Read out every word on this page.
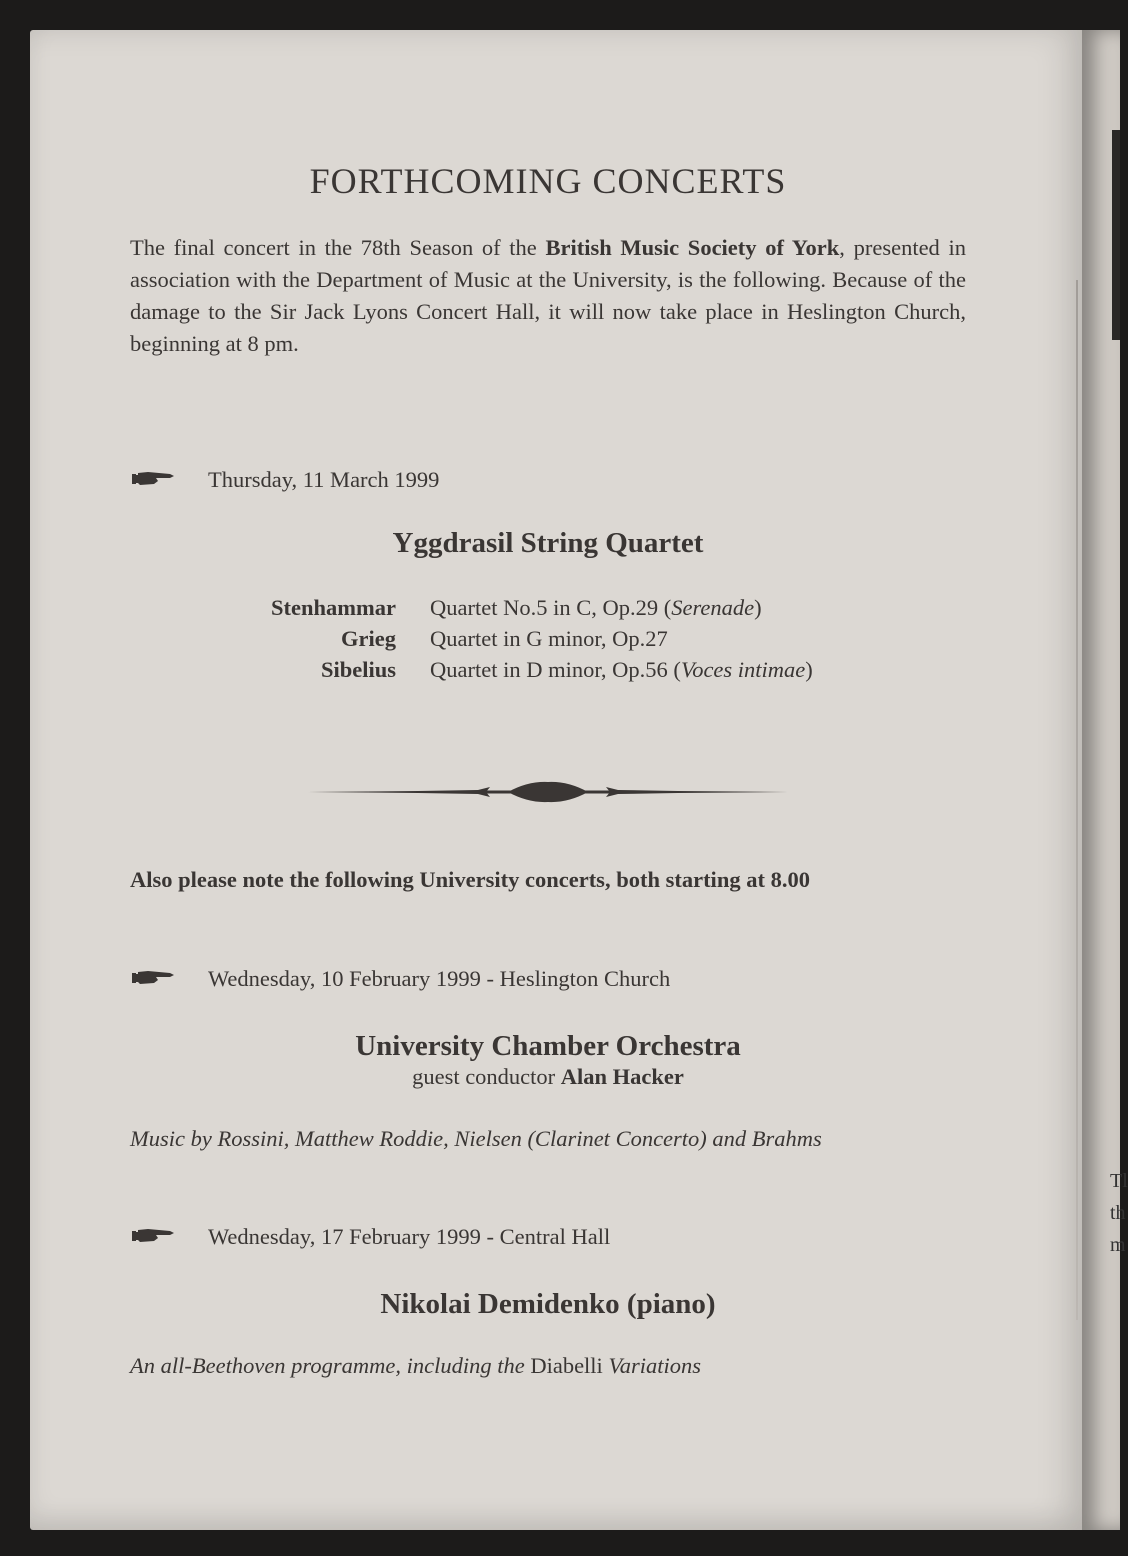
Tl
th
m
FORTHCOMING CONCERTS

The final concert in the 78th Season of the British Music Society of York, presented in association with the Department of Music at the University, is the following. Because of the damage to the Sir Jack Lyons Concert Hall, it will now take place in Heslington Church, beginning at 8 pm.

Thursday, 11 March 1999
Yggdrasil String Quartet
Stenhammar	Quartet No.5 in C, Op.29 (Serenade)
Grieg	Quartet in G minor, Op.27
Sibelius	Quartet in D minor, Op.56 (Voces intimae)
Also please note the following University concerts, both starting at 8.00
Wednesday, 10 February 1999 - Heslington Church
University Chamber Orchestra
guest conductor Alan Hacker
Music by Rossini, Matthew Roddie, Nielsen (Clarinet Concerto) and Brahms
Wednesday, 17 February 1999 - Central Hall
Nikolai Demidenko (piano)
An all-Beethoven programme, including the Diabelli Variations
